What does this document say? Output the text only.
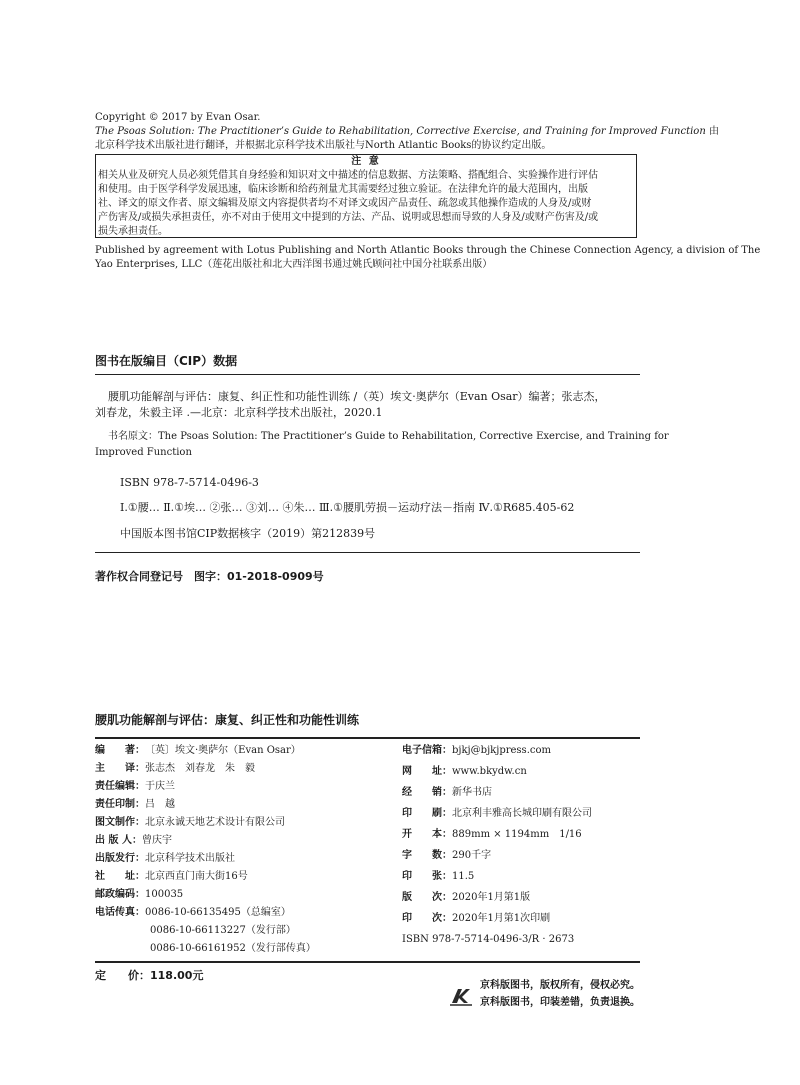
Copyright © 2017 by Evan Osar.
The Psoas Solution: The Practitioner’s Guide to Rehabilitation, Corrective Exercise, and Training for Improved Function 由
北京科学技术出版社进行翻译，并根据北京科学技术出版社与North Atlantic Books的协议约定出版。
注 意
相关从业及研究人员必须凭借其自身经验和知识对文中描述的信息数据、方法策略、搭配组合、实验操作进行评估
和使用。由于医学科学发展迅速，临床诊断和给药剂量尤其需要经过独立验证。在法律允许的最大范围内，出版
社、译文的原文作者、原文编辑及原文内容提供者均不对译文或因产品责任、疏忽或其他操作造成的人身及/或财
产伤害及/或损失承担责任，亦不对由于使用文中提到的方法、产品、说明或思想而导致的人身及/或财产伤害及/或
损失承担责任。
Published by agreement with Lotus Publishing and North Atlantic Books through the Chinese Connection Agency, a division of The
Yao Enterprises, LLC（莲花出版社和北大西洋图书通过姚氏顾问社中国分社联系出版）
图书在版编目（CIP）数据
腰肌功能解剖与评估：康复、纠正性和功能性训练 /（英）埃文·奥萨尔（Evan Osar）编著；张志杰，
刘春龙，朱毅主译 .—北京：北京科学技术出版社，2020.1
书名原文：The Psoas Solution: The Practitioner’s Guide to Rehabilitation, Corrective Exercise, and Training for
Improved Function
ISBN 978-7-5714-0496-3
Ⅰ.①腰… Ⅱ.①埃… ②张… ③刘… ④朱… Ⅲ.①腰肌劳损－运动疗法－指南 Ⅳ.①R685.405-62
中国版本图书馆CIP数据核字（2019）第212839号
著作权合同登记号　图字：01-2018-0909号
腰肌功能解剖与评估：康复、纠正性和功能性训练
编　　著：〔英〕埃文·奥萨尔（Evan Osar）
主　　译：张志杰　刘春龙　朱　毅
责任编辑：于庆兰
责任印制：吕　越
图文制作：北京永诚天地艺术设计有限公司
出 版 人：曾庆宇
出版发行：北京科学技术出版社
社　　址：北京西直门南大街16号
邮政编码：100035
电话传真：0086-10-66135495（总编室）
0086-10-66113227（发行部）
0086-10-66161952（发行部传真）
电子信箱：bjkj@bjkjpress.com
网　　址：www.bkydw.cn
经　　销：新华书店
印　　刷：北京利丰雅高长城印刷有限公司
开　　本：889mm × 1194mm　1/16
字　　数：290千字
印　　张：11.5
版　　次：2020年1月第1版
印　　次：2020年1月第1次印刷
ISBN 978-7-5714-0496-3/R · 2673
定　　价：118.00元
京科版图书，版权所有，侵权必究。
京科版图书，印装差错，负责退换。
